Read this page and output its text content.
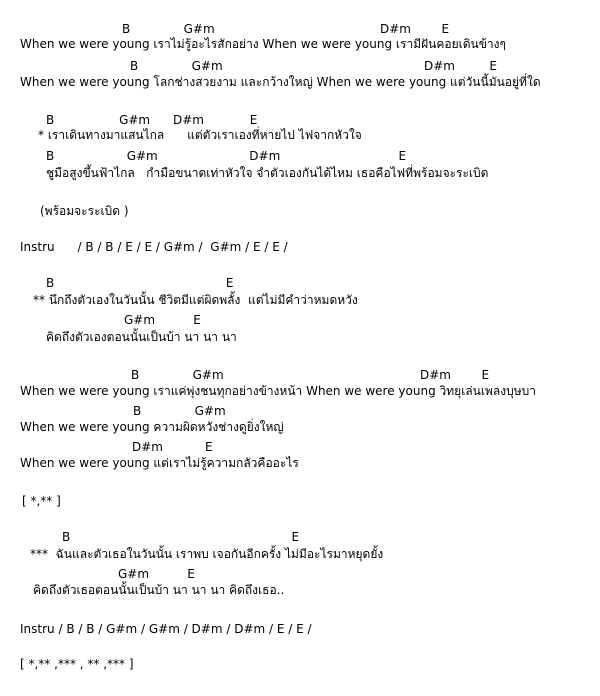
B              G#m	D#m        E
When we were young เราไม่รู้อะไรสักอย่าง When we were young เรามีฝันคอยเดินข้างๆ
B              G#m	D#m         E
When we were young โลกช่างสวยงาม และกว้างใหญ่ When we were young แต่วันนี้มันอยู่ที่ใด
B                 G#m      D#m            E
* เราเดินทางมาแสนไกล      แต่ตัวเราเองที่หายไป ไฟจากหัวใจ
B                   G#m                        D#m                               E
ชูมือสูงขึ้นฟ้าไกล   กำมือขนาดเท่าหัวใจ จำตัวเองกันได้ไหม เธอคือไฟที่พร้อมจะระเบิด
(พร้อมจะระเบิด )
Instru      / B / B / E / E / G#m /  G#m / E / E /
B                                             E
** นึกถึงตัวเองในวันนั้น ชีวิตมีแต่ผิดพลั้ง  แต่ไม่มีคำว่าหมดหวัง
G#m          E
คิดถึงตัวเองตอนนั้นเป็นบ้า นา นา นา
B              G#m	D#m        E
When we were young เราแค่พุ่งชนทุกอย่างข้างหน้า When we were young วิทยุเล่นเพลงบุษบา
B              G#m
When we were young ความผิดหวังช่างดูยิ่งใหญ่
D#m           E
When we were young แต่เราไม่รู้ความกลัวคืออะไร
[ *,** ]
B                                                          E
***  ฉันและตัวเธอในวันนั้น เราพบ เจอกันอีกครั้ง ไม่มีอะไรมาหยุดยั้ง
G#m          E
คิดถึงตัวเธอตอนนั้นเป็นบ้า นา นา นา คิดถึงเธอ..
Instru / B / B / G#m / G#m / D#m / D#m / E / E /
[ *,** ,*** , ** ,*** ]
